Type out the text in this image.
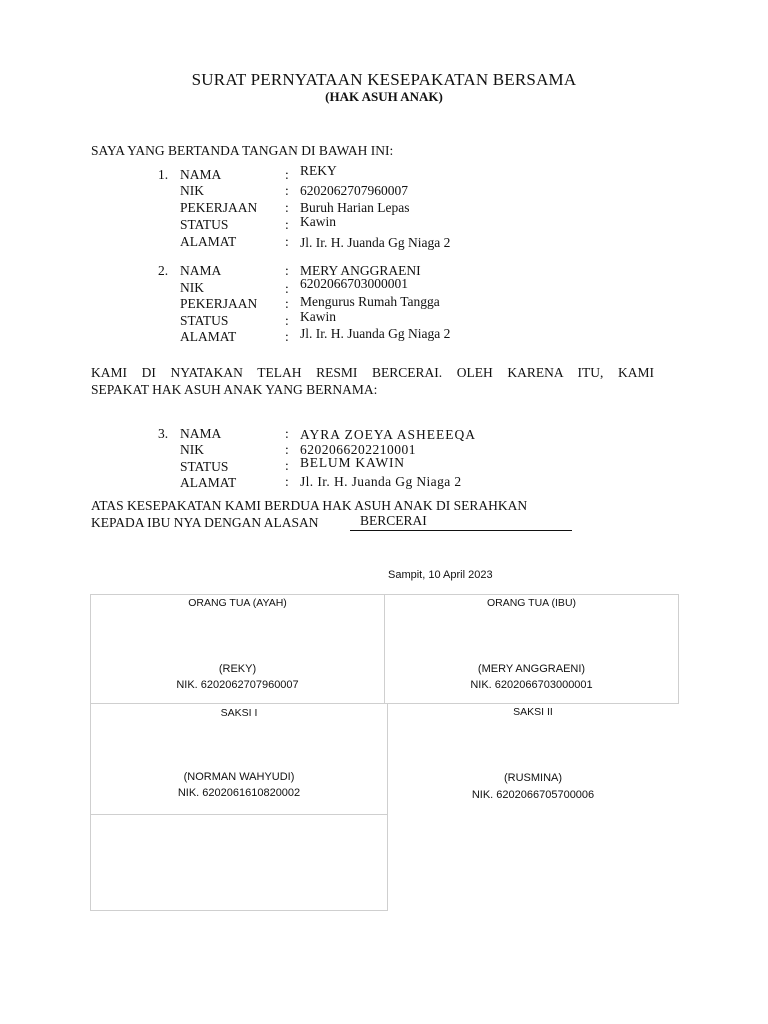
SURAT PERNYATAAN KESEPAKATAN BERSAMA
(HAK ASUH ANAK)
SAYA YANG BERTANDA TANGAN DI BAWAH INI:
1. NAMA	: REKY
NIK	: 6202062707960007
PEKERJAAN : Buruh Harian Lepas
STATUS	: Kawin
ALAMAT	: Jl. Ir. H. Juanda Gg Niaga 2
2. NAMA	: MERY ANGGRAENI
NIK	: 6202066703000001
PEKERJAAN : Mengurus Rumah Tangga
STATUS	: Kawin
ALAMAT	: Jl. Ir. H. Juanda Gg Niaga 2
KAMI DI NYATAKAN TELAH RESMI BERCERAI. OLEH KARENA ITU, KAMI
SEPAKAT HAK ASUH ANAK YANG BERNAMA:
3. NAMA	: AYRA ZOEYA ASHEEEQA
NIK	: 6202066202210001
STATUS	: BELUM KAWIN
ALAMAT	: Jl. Ir. H. Juanda Gg Niaga 2
ATAS KESEPAKATAN KAMI BERDUA HAK ASUH ANAK DI SERAHKAN
KEPADA IBU NYA DENGAN ALASAN	BERCERAI
Sampit, 10 April 2023
ORANG TUA (AYAH)
(REKY)
NIK. 6202062707960007
ORANG TUA (IBU)
(MERY ANGGRAENI)
NIK. 6202066703000001
SAKSI I
(NORMAN WAHYUDI)
NIK. 6202061610820002
SAKSI II
(RUSMINA)
NIK. 6202066705700006
